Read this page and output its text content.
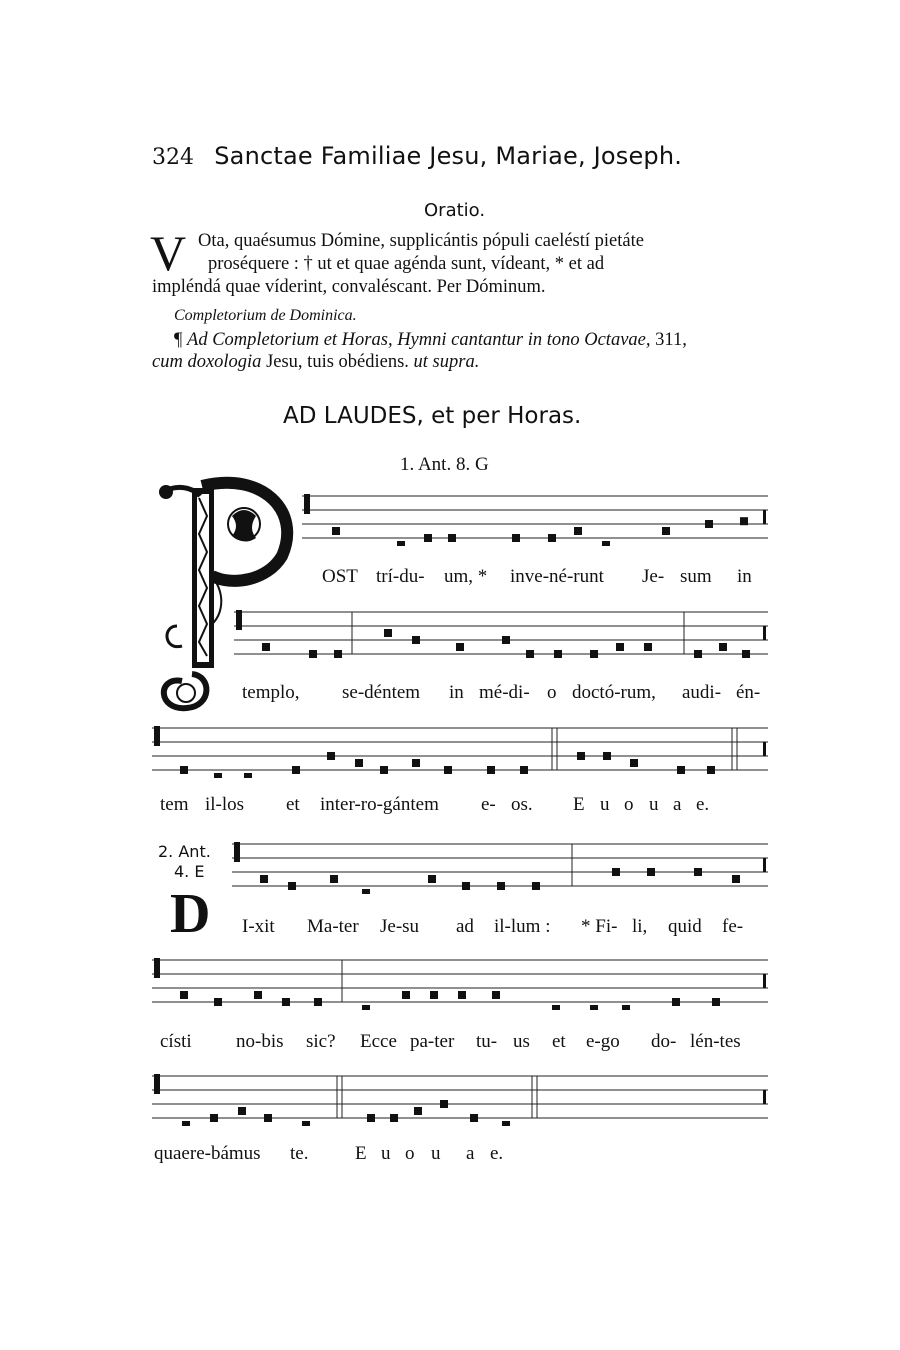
324 Sanctae Familiae Jesu, Mariae, Joseph.
Oratio.
V Ota, quaésumus Dómine, supplicántis pópuli caeléstí pietáte
proséquere : † ut et quae agénda sunt, vídeant, * et ad
impléndá quae víderint, convaléscant. Per Dóminum.
Completorium de Dominica.
¶ Ad Completorium et Horas, Hymni cantantur in tono Octavae, 311,
cum doxologia Jesu, tuis obédiens. ut supra.
AD LAUDES, et per Horas.
1. Ant. 8. G
OST trí-du- um, * inve-né-runt Je- sum in
templo, se-déntem in mé-di- o doctó-rum, audi- én-
tem il-los et inter-ro-gántem e- os. E u o u a e.
2. Ant.
4. E
D I-xit Ma-ter Je-su ad il-lum : * Fi- li, quid fe-
císti no-bis sic? Ecce pa-ter tu- us et e-go do- lén-tes
quaere-bámus te. E u o u a e.
